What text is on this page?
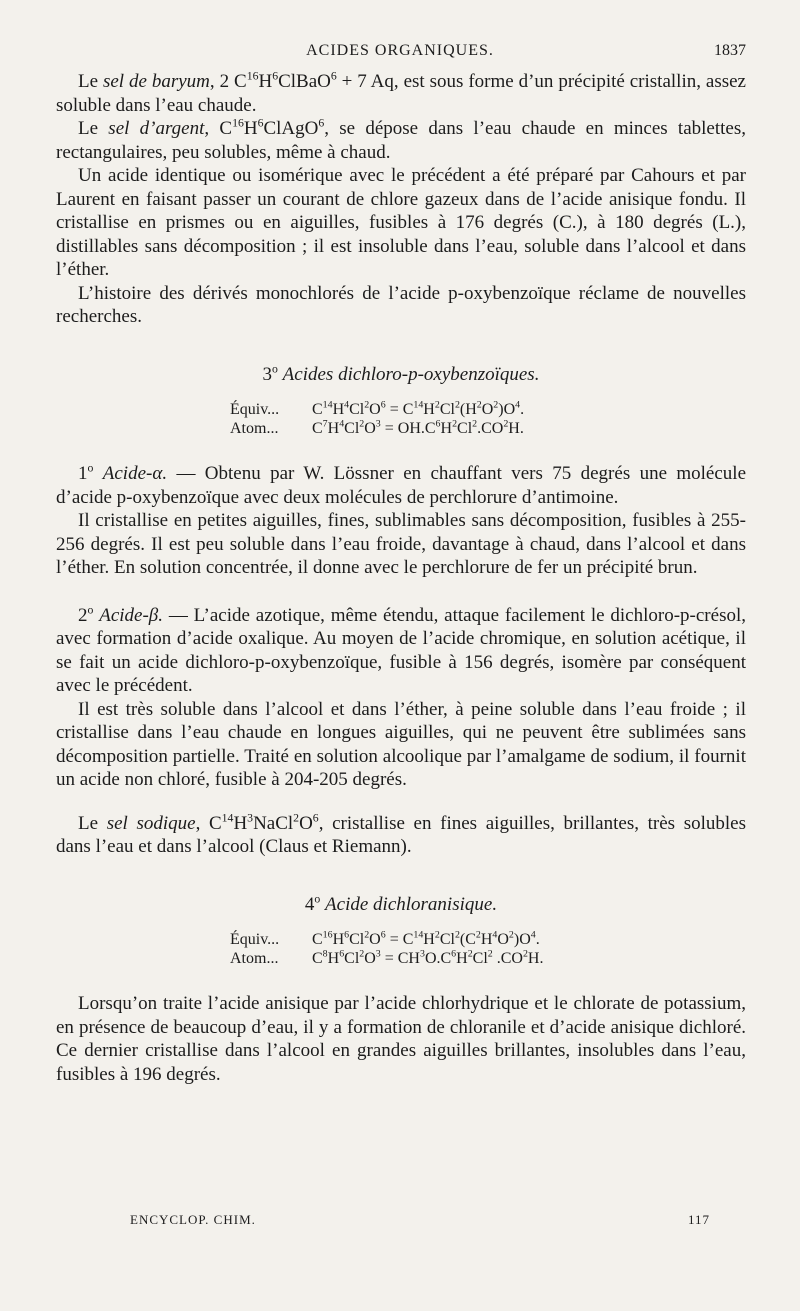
ACIDES ORGANIQUES.	1837

Le sel de baryum, 2 $C^{16}H^6ClBaO^6 + 7$ Aq, est sous forme d’un précipité cristallin, assez soluble dans l’eau chaude.

Le sel d’argent, $C^{16}H^6ClAgO^6$, se dépose dans l’eau chaude en minces tablettes, rectangulaires, peu solubles, même à chaud.

Un acide identique ou isomérique avec le précédent a été préparé par Cahours et par Laurent en faisant passer un courant de chlore gazeux dans de l’acide anisique fondu. Il cristallise en prismes ou en aiguilles, fusibles à 176 degrés (C.), à 180 degrés (L.), distillables sans décomposition ; il est insoluble dans l’eau, soluble dans l’alcool et dans l’éther.

L’histoire des dérivés monochlorés de l’acide p-oxybenzoïque réclame de nouvelles recherches.

3$^o$ Acides dichloro-p-oxybenzoïques.
Équiv... $C^{14}H^4Cl^2O^6 = C^{14}H^2Cl^2(H^2O^2)O^4$.
Atom... $C^7H^4Cl^2O^3 = OH.C^6H^2Cl^2.CO^2H$.

1$^o$ Acide-α. — Obtenu par W. Lössner en chauffant vers 75 degrés une molécule d’acide p-oxybenzoïque avec deux molécules de perchlorure d’antimoine.

Il cristallise en petites aiguilles, fines, sublimables sans décomposition, fusibles à 255-256 degrés. Il est peu soluble dans l’eau froide, davantage à chaud, dans l’alcool et dans l’éther. En solution concentrée, il donne avec le perchlorure de fer un précipité brun.

2$^o$ Acide-β. — L’acide azotique, même étendu, attaque facilement le dichloro-p-crésol, avec formation d’acide oxalique. Au moyen de l’acide chromique, en solution acétique, il se fait un acide dichloro-p-oxybenzoïque, fusible à 156 degrés, isomère par conséquent avec le précédent.

Il est très soluble dans l’alcool et dans l’éther, à peine soluble dans l’eau froide ; il cristallise dans l’eau chaude en longues aiguilles, qui ne peuvent être sublimées sans décomposition partielle. Traité en solution alcoolique par l’amalgame de sodium, il fournit un acide non chloré, fusible à 204-205 degrés.

Le sel sodique, $C^{14}H^3NaCl^2O^6$, cristallise en fines aiguilles, brillantes, très solubles dans l’eau et dans l’alcool (Claus et Riemann).

4$^o$ Acide dichloranisique.
Équiv... $C^{16}H^6Cl^2O^6 = C^{14}H^2Cl^2(C^2H^4O^2)O^4$.
Atom... $C^8H^6Cl^2O^3 = CH^3O.C^6H^2Cl^2$ $.CO^2H$.

Lorsqu’on traite l’acide anisique par l’acide chlorhydrique et le chlorate de potassium, en présence de beaucoup d’eau, il y a formation de chloranile et d’acide anisique dichloré. Ce dernier cristallise dans l’alcool en grandes aiguilles brillantes, insolubles dans l’eau, fusibles à 196 degrés.

ENCYCLOP. CHIM.	117
